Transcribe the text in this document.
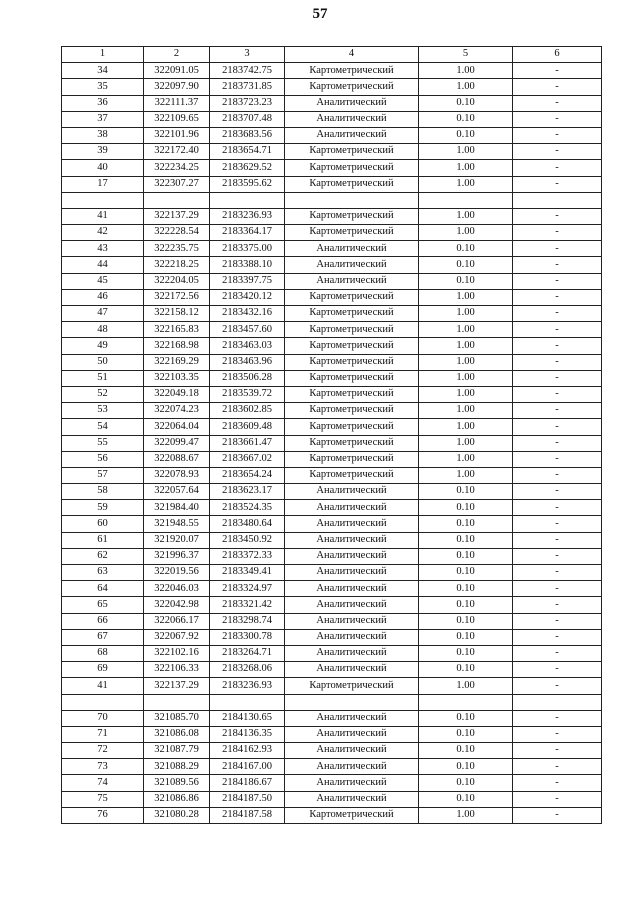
57
1	2	3	4	5	6
34	322091.05	2183742.75	Картометрический	1.00	-
35	322097.90	2183731.85	Картометрический	1.00	-
36	322111.37	2183723.23	Аналитический	0.10	-
37	322109.65	2183707.48	Аналитический	0.10	-
38	322101.96	2183683.56	Аналитический	0.10	-
39	322172.40	2183654.71	Картометрический	1.00	-
40	322234.25	2183629.52	Картометрический	1.00	-
17	322307.27	2183595.62	Картометрический	1.00	-

41	322137.29	2183236.93	Картометрический	1.00	-
42	322228.54	2183364.17	Картометрический	1.00	-
43	322235.75	2183375.00	Аналитический	0.10	-
44	322218.25	2183388.10	Аналитический	0.10	-
45	322204.05	2183397.75	Аналитический	0.10	-
46	322172.56	2183420.12	Картометрический	1.00	-
47	322158.12	2183432.16	Картометрический	1.00	-
48	322165.83	2183457.60	Картометрический	1.00	-
49	322168.98	2183463.03	Картометрический	1.00	-
50	322169.29	2183463.96	Картометрический	1.00	-
51	322103.35	2183506.28	Картометрический	1.00	-
52	322049.18	2183539.72	Картометрический	1.00	-
53	322074.23	2183602.85	Картометрический	1.00	-
54	322064.04	2183609.48	Картометрический	1.00	-
55	322099.47	2183661.47	Картометрический	1.00	-
56	322088.67	2183667.02	Картометрический	1.00	-
57	322078.93	2183654.24	Картометрический	1.00	-
58	322057.64	2183623.17	Аналитический	0.10	-
59	321984.40	2183524.35	Аналитический	0.10	-
60	321948.55	2183480.64	Аналитический	0.10	-
61	321920.07	2183450.92	Аналитический	0.10	-
62	321996.37	2183372.33	Аналитический	0.10	-
63	322019.56	2183349.41	Аналитический	0.10	-
64	322046.03	2183324.97	Аналитический	0.10	-
65	322042.98	2183321.42	Аналитический	0.10	-
66	322066.17	2183298.74	Аналитический	0.10	-
67	322067.92	2183300.78	Аналитический	0.10	-
68	322102.16	2183264.71	Аналитический	0.10	-
69	322106.33	2183268.06	Аналитический	0.10	-
41	322137.29	2183236.93	Картометрический	1.00	-

70	321085.70	2184130.65	Аналитический	0.10	-
71	321086.08	2184136.35	Аналитический	0.10	-
72	321087.79	2184162.93	Аналитический	0.10	-
73	321088.29	2184167.00	Аналитический	0.10	-
74	321089.56	2184186.67	Аналитический	0.10	-
75	321086.86	2184187.50	Аналитический	0.10	-
76	321080.28	2184187.58	Картометрический	1.00	-
